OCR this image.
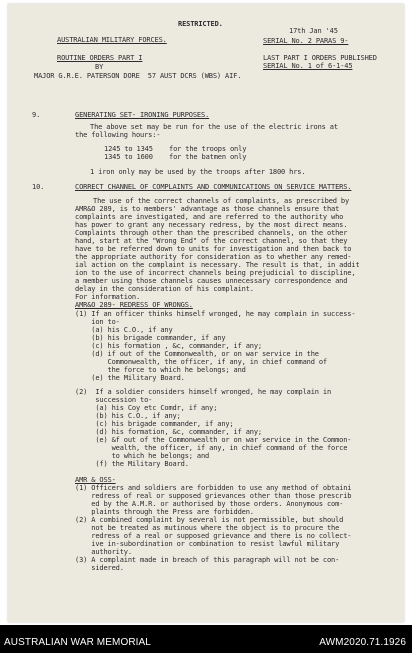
RESTRICTED.
17th Jan '45
AUSTRALIAN MILITARY FORCES.	SERIAL No. 2 PARAS 9-
ROUTINE ORDERS PART I	LAST PART I ORDERS PUBLISHED
SERIAL No. 1 of 6-1-45
BY
MAJOR G.R.E. PATERSON DORE  57 AUST DCRS (WBS) AIF.
9.	GENERATING SET- IRONING PURPOSES.
The above set may be run for the use of the electric irons at
the following hours:-
1245 to 1345    for the troops only
1345 to 1600    for the batmen only
1 iron only may be used by the troops after 1800 hrs.
10.	CORRECT CHANNEL OF COMPLAINTS AND COMMUNICATIONS ON SERVICE MATTERS.
The use of the correct channels of complaints, as prescribed by
AMR&O 289, is to members' advantage as those channels ensure that
complaints are investigated, and are referred to the authority who
has power to grant any necessary redress, by the most direct means.
Complaints through other than the prescribed channels, on the other
hand, start at the "Wrong End" of the correct channel, so that they
have to be referred down to units for investigation and then back to
the appropriate authority for consideration as to whether any remed-
ial action on the complaint is necessary. The result is that, in addit
ion to the use of incorrect channels being prejudicial to discipline,
a member using those channels causes unnecessary correspondence and
delay in the consideration of his complaint.
For information.
AMR&O 289- REDRESS OF WRONGS.
(1) If an officer thinks himself wronged, he may complain in success-
ion to-
(a) his C.O., if any
(b) his brigade commander, if any
(c) his formation , &c, commander, if any;
(d) if out of the Commonwealth, or on war service in the
Commonwealth, the officer, if any, in chief command of
the force to which he belongs; and
(e) the Military Board.
(2)  If a soldier considers himself wronged, he may complain in
succession to-
(a) his Coy etc Comdr, if any;
(b) his C.O., if any;
(c) his brigade commander, if any;
(d) his formation, &c, commander, if any;
(e) &f out of the Commonwealth or on war service in the Common-
wealth, the officer, if any, in chief command of the force
to which he belongs; and
(f) the Military Board.
AMR & OSS-
(1) Officers and soldiers are forbidden to use any method of obtaini
redress of real or supposed grievances other than those prescrib
ed by the A.M.R. or authorised by those orders. Anonymous com-
plaints through the Press are forbidden.
(2) A combined complaint by several is not permissible, but should
not be treated as mutinous where the object is to procure the
redress of a real or supposed grievance and there is no collect-
ive in-subordination or combination to resist lawful military
authority.
(3) A complaint made in breach of this paragraph will not be con-
sidered.
AUSTRALIAN WAR MEMORIAL	AWM2020.71.1926
